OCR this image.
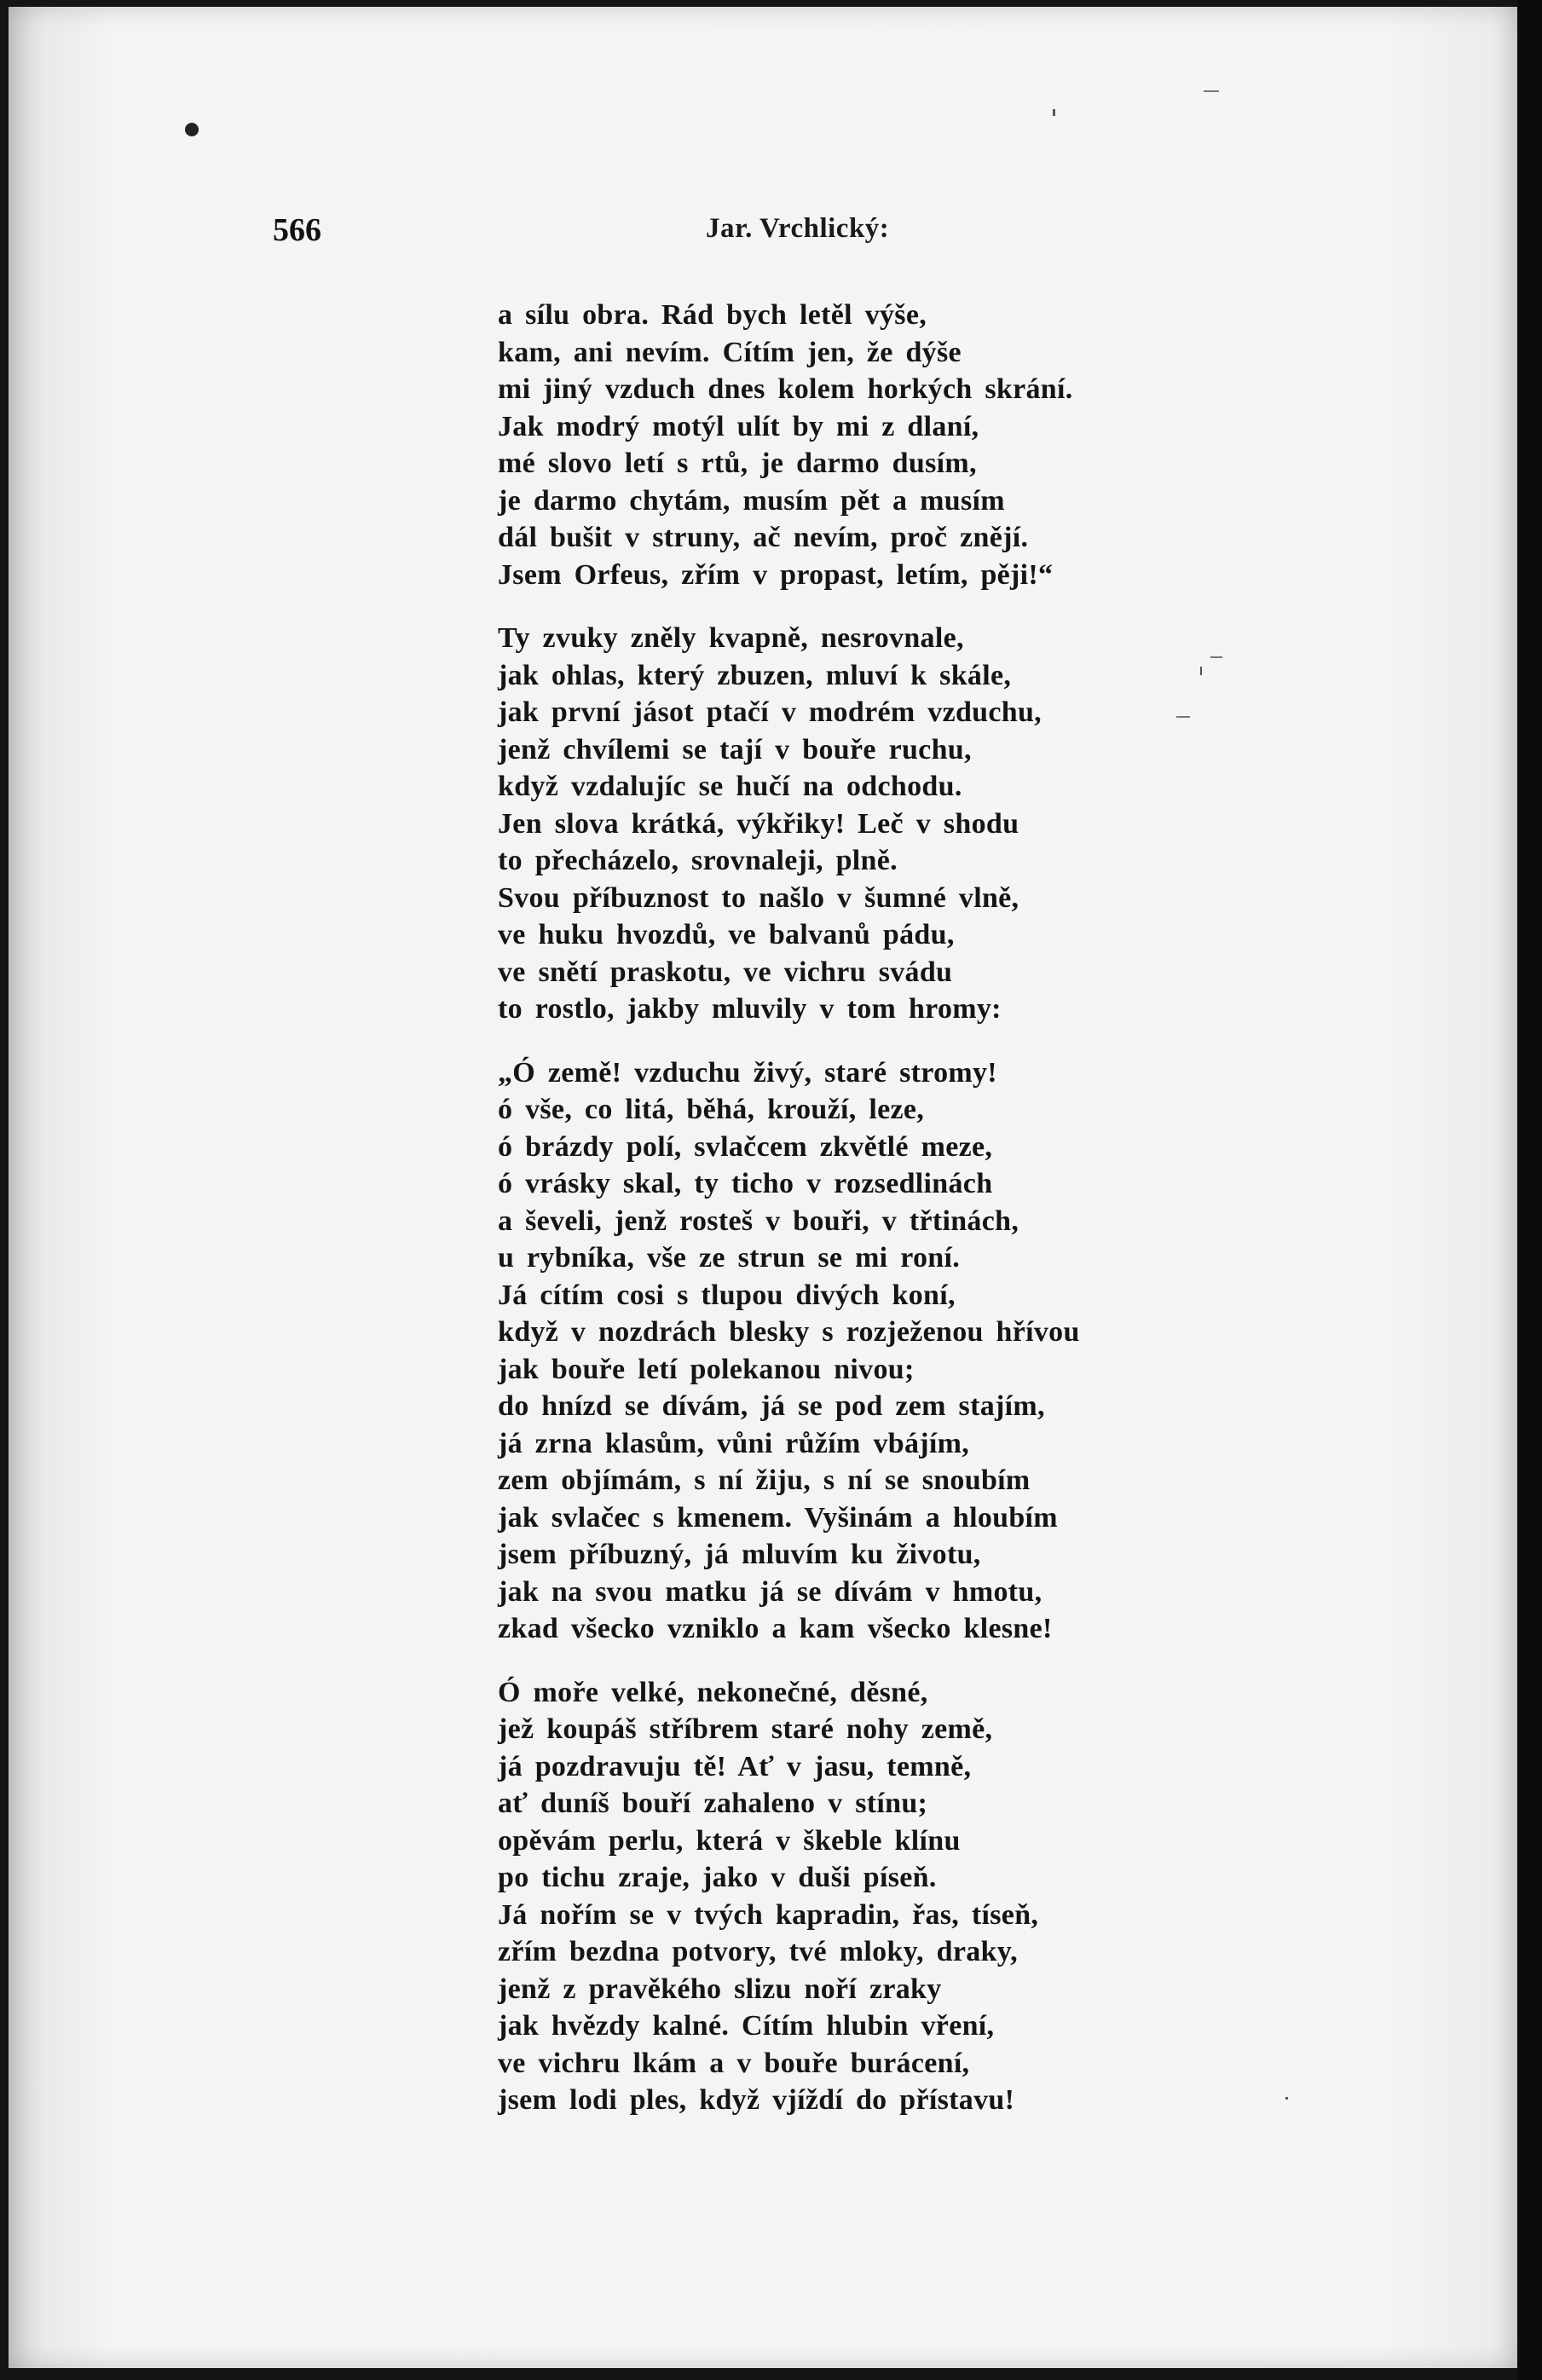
566	Jar. Vrchlický:
a sílu obra. Rád bych letěl výše,
kam, ani nevím. Cítím jen, že dýše
mi jiný vzduch dnes kolem horkých skrání.
Jak modrý motýl ulít by mi z dlaní,
mé slovo letí s rtů, je darmo dusím,
je darmo chytám, musím pět a musím
dál bušit v struny, ač nevím, proč znějí.
Jsem Orfeus, zřím v propast, letím, pěji!“
Ty zvuky zněly kvapně, nesrovnale,
jak ohlas, který zbuzen, mluví k skále,
jak první jásot ptačí v modrém vzduchu,
jenž chvílemi se tají v bouře ruchu,
když vzdalujíc se hučí na odchodu.
Jen slova krátká, výkřiky! Leč v shodu
to přecházelo, srovnaleji, plně.
Svou příbuznost to našlo v šumné vlně,
ve huku hvozdů, ve balvanů pádu,
ve snětí praskotu, ve vichru svádu
to rostlo, jakby mluvily v tom hromy:
„Ó země! vzduchu živý, staré stromy!
ó vše, co litá, běhá, krouží, leze,
ó brázdy polí, svlačcem zkvětlé meze,
ó vrásky skal, ty ticho v rozsedlinách
a ševeli, jenž rosteš v bouři, v třtinách,
u rybníka, vše ze strun se mi roní.
Já cítím cosi s tlupou divých koní,
když v nozdrách blesky s rozježenou hřívou
jak bouře letí polekanou nivou;
do hnízd se dívám, já se pod zem stajím,
já zrna klasům, vůni růžím vbájím,
zem objímám, s ní žiju, s ní se snoubím
jak svlačec s kmenem. Vyšinám a hloubím
jsem příbuzný, já mluvím ku životu,
jak na svou matku já se dívám v hmotu,
zkad všecko vzniklo a kam všecko klesne!
Ó moře velké, nekonečné, děsné,
jež koupáš stříbrem staré nohy země,
já pozdravuju tě! Ať v jasu, temně,
ať duníš bouří zahaleno v stínu;
opěvám perlu, která v škeble klínu
po tichu zraje, jako v duši píseň.
Já nořím se v tvých kapradin, řas, tíseň,
zřím bezdna potvory, tvé mloky, draky,
jenž z pravěkého slizu noří zraky
jak hvězdy kalné. Cítím hlubin vření,
ve vichru lkám a v bouře burácení,
jsem lodi ples, když vjíždí do přístavu!
